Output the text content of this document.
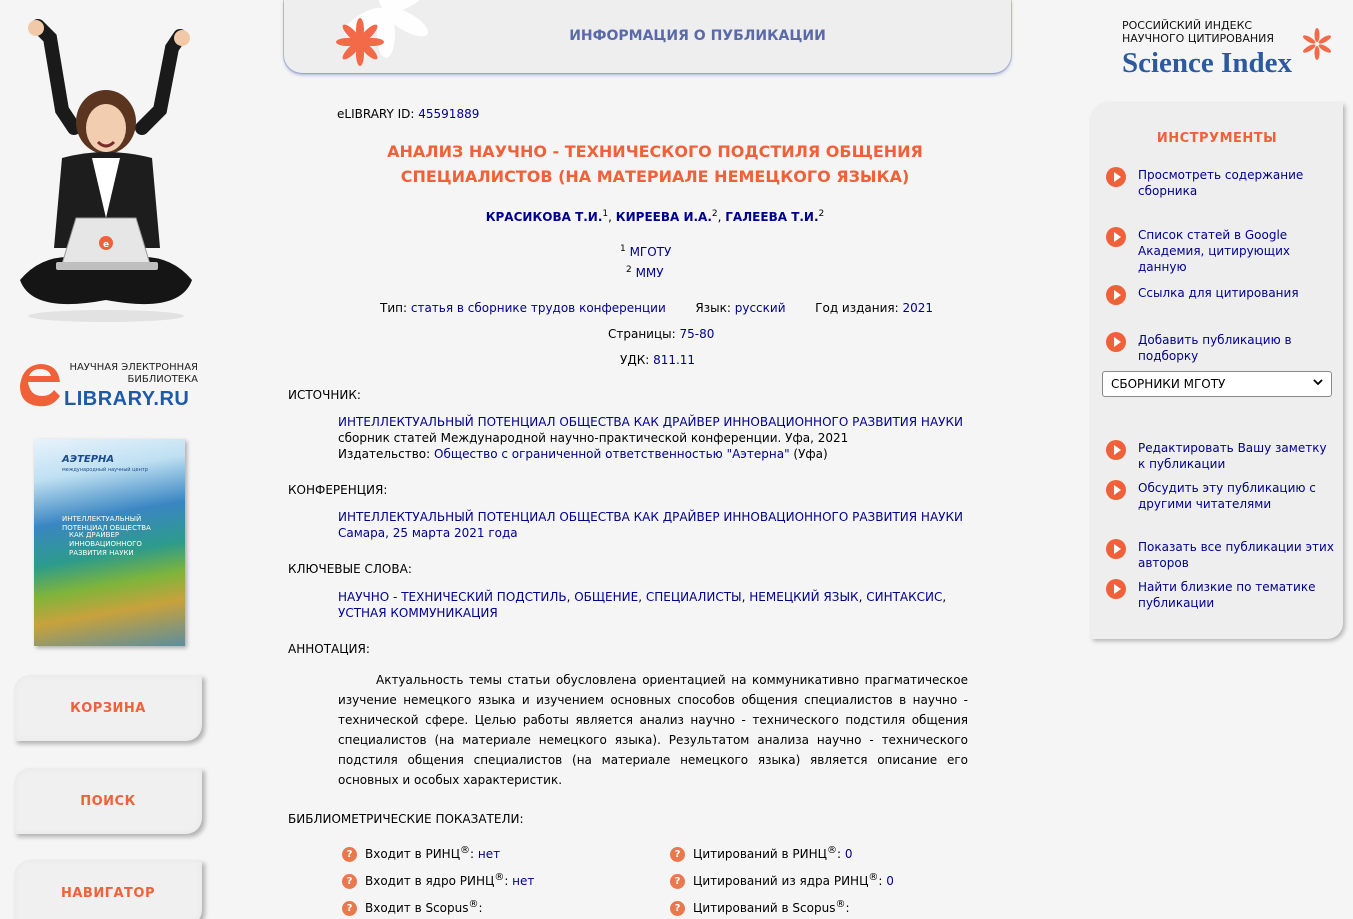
e
НАУЧНАЯ ЭЛЕКТРОННАЯ
БИБЛИОТЕКА
LIBRARY.RU
АЭТЕРНА
международный научный центр
ИНТЕЛЛЕКТУАЛЬНЫЙ ПОТЕНЦИАЛ ОБЩЕСТВА
КАК ДРАЙВЕР ИННОВАЦИОННОГО РАЗВИТИЯ НАУКИ
КОРЗИНА
ПОИСК
НАВИГАТОР
ИНФОРМАЦИЯ О ПУБЛИКАЦИИ
eLIBRARY ID: 45591889
АНАЛИЗ НАУЧНО - ТЕХНИЧЕСКОГО ПОДСТИЛЯ ОБЩЕНИЯ
СПЕЦИАЛИСТОВ (НА МАТЕРИАЛЕ НЕМЕЦКОГО ЯЗЫКА)
КРАСИКОВА Т.И.$^1$, КИРЕЕВА И.А.$^2$, ГАЛЕЕВА Т.И.$^2$
$^1$ МГОТУ
$^2$ ММУ
Тип: статья в сборнике трудов конференции Язык: русский Год издания: 2021
Страницы: 75-80
УДК: 811.11
ИСТОЧНИК:
ИНТЕЛЛЕКТУАЛЬНЫЙ ПОТЕНЦИАЛ ОБЩЕСТВА КАК ДРАЙВЕР ИННОВАЦИОННОГО РАЗВИТИЯ НАУКИ
сборник статей Международной научно-практической конференции. Уфа, 2021
Издательство: Общество с ограниченной ответственностью "Аэтерна" (Уфа)
КОНФЕРЕНЦИЯ:
ИНТЕЛЛЕКТУАЛЬНЫЙ ПОТЕНЦИАЛ ОБЩЕСТВА КАК ДРАЙВЕР ИННОВАЦИОННОГО РАЗВИТИЯ НАУКИ
Самара, 25 марта 2021 года
КЛЮЧЕВЫЕ СЛОВА:
НАУЧНО - ТЕХНИЧЕСКИЙ ПОДСТИЛЬ, ОБЩЕНИЕ, СПЕЦИАЛИСТЫ, НЕМЕЦКИЙ ЯЗЫК, СИНТАКСИС,
УСТНАЯ КОММУНИКАЦИЯ
АННОТАЦИЯ:
Актуальность темы статьи обусловлена ориентацией на коммуникативно прагматическое изучение немецкого языка и изучением основных способов общения специалистов в научно - технической сфере. Целью работы является анализ научно - технического подстиля общения специалистов (на материале немецкого языка). Результатом анализа научно - технического подстиля общения специалистов (на материале немецкого языка) является описание его основных и особых характеристик.
БИБЛИОМЕТРИЧЕСКИЕ ПОКАЗАТЕЛИ:
? Входит в РИНЦ®: нет	? Цитирований в РИНЦ®: 0
? Входит в ядро РИНЦ®: нет	? Цитирований из ядра РИНЦ®: 0
? Входит в Scopus®:	? Цитирований в Scopus®:
РОССИЙСКИЙ ИНДЕКС
НАУЧНОГО ЦИТИРОВАНИЯ
Science Index
ИНСТРУМЕНТЫ
Просмотреть содержание сборника
Список статей в Google Академия, цитирующих данную
Ссылка для цитирования
Добавить публикацию в подборку
СБОРНИКИ МГОТУ
Редактировать Вашу заметку к публикации
Обсудить эту публикацию с другими читателями
Показать все публикации этих авторов
Найти близкие по тематике публикации
